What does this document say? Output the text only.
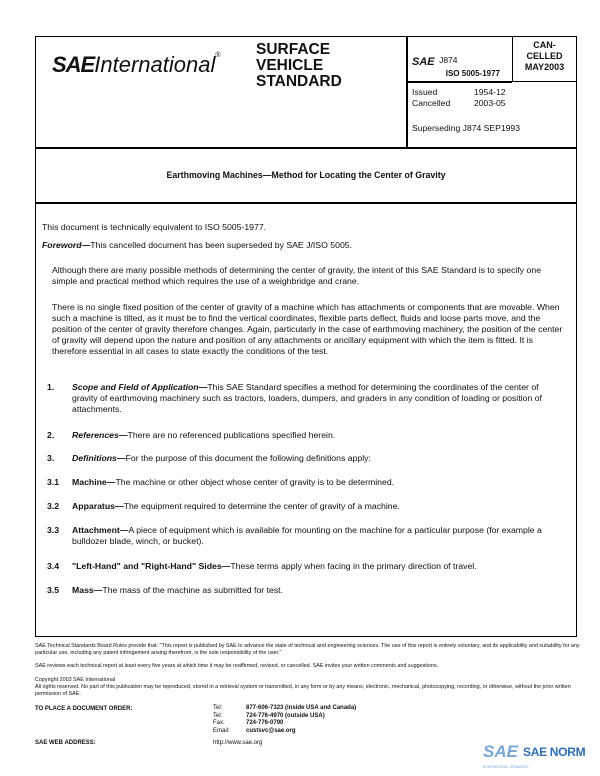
SAEInternational® SURFACE
VEHICLE
STANDARD
SAE J874
ISO 5005-1977
CAN-
CELLED
MAY2003
Issued	1954-12
Cancelled	2003-05
Superseding J874 SEP1993
Earthmoving Machines—Method for Locating the Center of Gravity
This document is technically equivalent to ISO 5005-1977.
Foreword—This cancelled document has been superseded by SAE J/ISO 5005.
Although there are many possible methods of determining the center of gravity, the intent of this SAE Standard is to specify one simple and practical method which requires the use of a weighbridge and crane.
There is no single fixed position of the center of gravity of a machine which has attachments or components that are movable. When such a machine is tilted, as it must be to find the vertical coordinates, flexible parts deflect, fluids and loose parts move, and the position of the center of gravity therefore changes. Again, particularly in the case of earthmoving machinery, the position of the center of gravity will depend upon the nature and position of any attachments or ancillary equipment with which the item is fitted. It is therefore essential in all cases to state exactly the conditions of the test.
1. Scope and Field of Application—This SAE Standard specifies a method for determining the coordinates of the center of gravity of earthmoving machinery such as tractors, loaders, dumpers, and graders in any condition of loading or position of attachments.
2. References—There are no referenced publications specified herein.
3. Definitions—For the purpose of this document the following definitions apply:
3.1 Machine—The machine or other object whose center of gravity is to be determined.
3.2 Apparatus—The equipment required to determine the center of gravity of a machine.
3.3 Attachment—A piece of equipment which is available for mounting on the machine for a particular purpose (for example a bulldozer blade, winch, or bucket).
3.4 "Left-Hand" and "Right-Hand" Sides—These terms apply when facing in the primary direction of travel.
3.5 Mass—The mass of the machine as submitted for test.
SAE Technical Standards Board Rules provide that: "This report is published by SAE to advance the state of technical and engineering sciences. The use of this report is entirely voluntary, and its applicability and suitability for any particular use, including any patent infringement arising therefrom, is the sole responsibility of the user."
SAE reviews each technical report at least every five years at which time it may be reaffirmed, revised, or cancelled. SAE invites your written comments and suggestions.
Copyright 2003 SAE International
All rights reserved. No part of this publication may be reproduced, stored in a retrieval system or transmitted, in any form or by any means, electronic, mechanical, photocopying, recording, or otherwise, without the prior written permission of SAE.
TO PLACE A DOCUMENT ORDER:	Tel:	877-606-7323 (inside USA and Canada)
Tel:	724-776-4970 (outside USA)
Fax:	724-776-0790
Email:	custsvc@sae.org
SAE WEB ADDRESS:	http://www.sae.org	SAE SAE NORM
INTERNATIONAL • DRAWINGS
